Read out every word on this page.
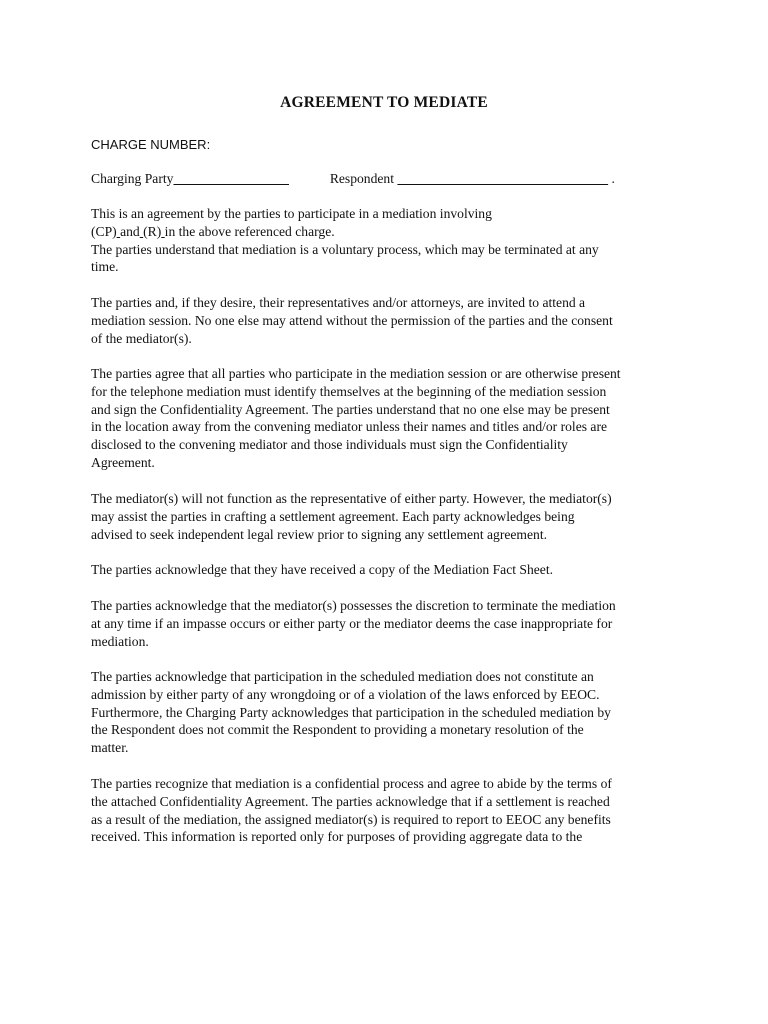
AGREEMENT TO MEDIATE
CHARGE NUMBER:
Charging Party	Respondent	.
This is an agreement by the parties to participate in a mediation involving
(CP) and (R) in the above referenced charge.
The parties understand that mediation is a voluntary process, which may be terminated at any
time.
The parties and, if they desire, their representatives and/or attorneys, are invited to attend a
mediation session. No one else may attend without the permission of the parties and the consent
of the mediator(s).
The parties agree that all parties who participate in the mediation session or are otherwise present
for the telephone mediation must identify themselves at the beginning of the mediation session
and sign the Confidentiality Agreement. The parties understand that no one else may be present
in the location away from the convening mediator unless their names and titles and/or roles are
disclosed to the convening mediator and those individuals must sign the Confidentiality
Agreement.
The mediator(s) will not function as the representative of either party. However, the mediator(s)
may assist the parties in crafting a settlement agreement. Each party acknowledges being
advised to seek independent legal review prior to signing any settlement agreement.
The parties acknowledge that they have received a copy of the Mediation Fact Sheet.
The parties acknowledge that the mediator(s) possesses the discretion to terminate the mediation
at any time if an impasse occurs or either party or the mediator deems the case inappropriate for
mediation.
The parties acknowledge that participation in the scheduled mediation does not constitute an
admission by either party of any wrongdoing or of a violation of the laws enforced by EEOC.
Furthermore, the Charging Party acknowledges that participation in the scheduled mediation by
the Respondent does not commit the Respondent to providing a monetary resolution of the
matter.
The parties recognize that mediation is a confidential process and agree to abide by the terms of
the attached Confidentiality Agreement. The parties acknowledge that if a settlement is reached
as a result of the mediation, the assigned mediator(s) is required to report to EEOC any benefits
received. This information is reported only for purposes of providing aggregate data to the
